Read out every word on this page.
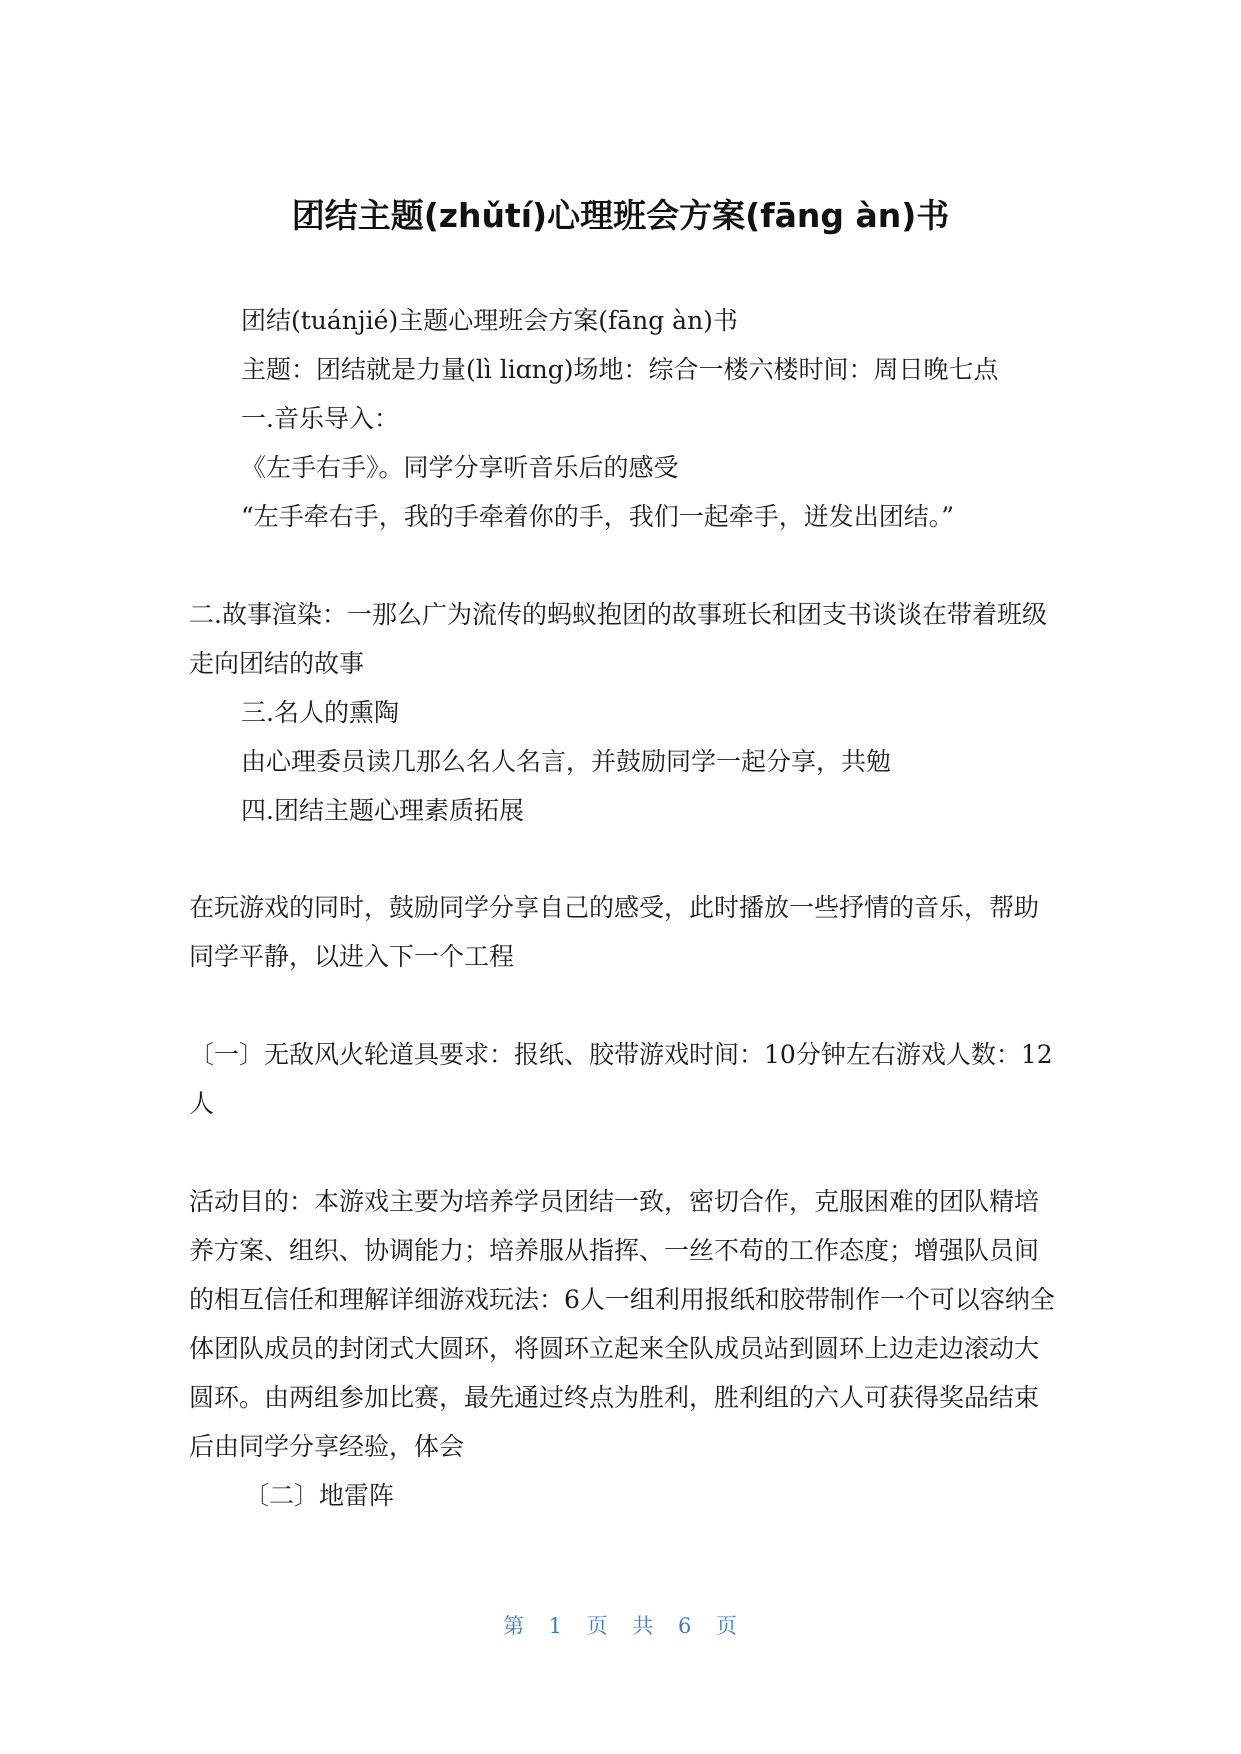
团结主题(zhǔtí)心理班会方案(fāng àn)书
团结(tuánjié)主题心理班会方案(fāng àn)书
主题：团结就是力量(lì liɑng)场地：综合一楼六楼时间：周日晚七点
一.音乐导入：
《左手右手》。同学分享听音乐后的感受
“左手牵右手，我的手牵着你的手，我们一起牵手，迸发出团结。”
二.故事渲染：一那么广为流传的蚂蚁抱团的故事班长和团支书谈谈在带着班级
走向团结的故事
三.名人的熏陶
由心理委员读几那么名人名言，并鼓励同学一起分享，共勉
四.团结主题心理素质拓展
在玩游戏的同时，鼓励同学分享自己的感受，此时播放一些抒情的音乐，帮助
同学平静，以进入下一个工程
〔一〕无敌风火轮道具要求：报纸、胶带游戏时间：10分钟左右游戏人数：12
人
活动目的：本游戏主要为培养学员团结一致，密切合作，克服困难的团队精培
养方案、组织、协调能力；培养服从指挥、一丝不苟的工作态度；增强队员间
的相互信任和理解详细游戏玩法：6人一组利用报纸和胶带制作一个可以容纳全
体团队成员的封闭式大圆环，将圆环立起来全队成员站到圆环上边走边滚动大
圆环。由两组参加比赛，最先通过终点为胜利，胜利组的六人可获得奖品结束
后由同学分享经验，体会
〔二〕地雷阵
第 1 页 共 6 页
